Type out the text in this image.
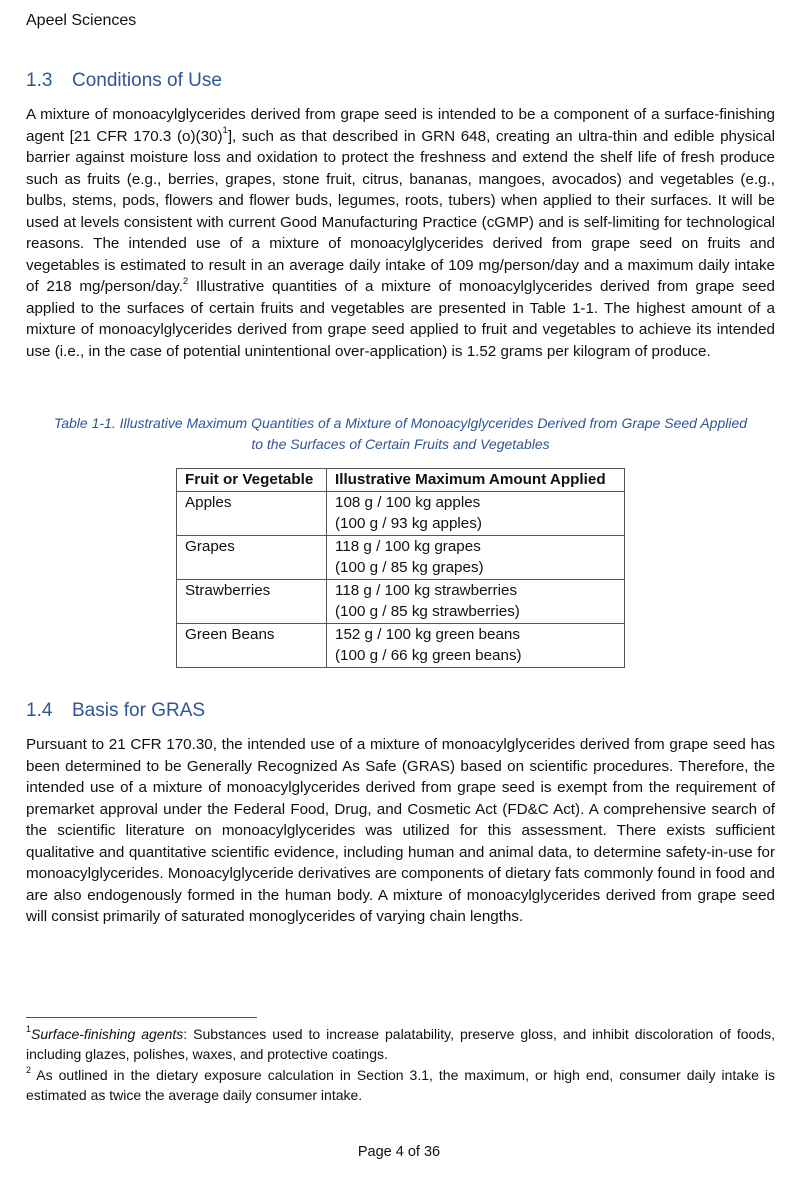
Apeel Sciences
1.3 Conditions of Use
A mixture of monoacylglycerides derived from grape seed is intended to be a component of a surface-finishing agent [21 CFR 170.3 $(o)(30)^1$], such as that described in GRN 648, creating an ultra-thin and edible physical barrier against moisture loss and oxidation to protect the freshness and extend the shelf life of fresh produce such as fruits (e.g., berries, grapes, stone fruit, citrus, bananas, mangoes, avocados) and vegetables (e.g., bulbs, stems, pods, flowers and flower buds, legumes, roots, tubers) when applied to their surfaces. It will be used at levels consistent with current Good Manufacturing Practice (cGMP) and is self-limiting for technological reasons. The intended use of a mixture of monoacylglycerides derived from grape seed on fruits and vegetables is estimated to result in an average daily intake of 109 mg/person/day and a maximum daily intake of 218 mg/person/day.$^2$ Illustrative quantities of a mixture of monoacylglycerides derived from grape seed applied to the surfaces of certain fruits and vegetables are presented in Table 1-1. The highest amount of a mixture of monoacylglycerides derived from grape seed applied to fruit and vegetables to achieve its intended use (i.e., in the case of potential unintentional over-application) is 1.52 grams per kilogram of produce.
Table 1-1. Illustrative Maximum Quantities of a Mixture of Monoacylglycerides Derived from Grape Seed Applied
to the Surfaces of Certain Fruits and Vegetables
Fruit or Vegetable	Illustrative Maximum Amount Applied
Apples	108 g / 100 kg apples
(100 g / 93 kg apples)

Grapes	118 g / 100 kg grapes
(100 g / 85 kg grapes)

Strawberries	118 g / 100 kg strawberries
(100 g / 85 kg strawberries)

Green Beans	152 g / 100 kg green beans
(100 g / 66 kg green beans)
1.4 Basis for GRAS
Pursuant to 21 CFR 170.30, the intended use of a mixture of monoacylglycerides derived from grape seed has been determined to be Generally Recognized As Safe (GRAS) based on scientific procedures. Therefore, the intended use of a mixture of monoacylglycerides derived from grape seed is exempt from the requirement of premarket approval under the Federal Food, Drug, and Cosmetic Act (FD&C Act). A comprehensive search of the scientific literature on monoacylglycerides was utilized for this assessment. There exists sufficient qualitative and quantitative scientific evidence, including human and animal data, to determine safety-in-use for monoacylglycerides. Monoacylglyceride derivatives are components of dietary fats commonly found in food and are also endogenously formed in the human body. A mixture of monoacylglycerides derived from grape seed will consist primarily of saturated monoglycerides of varying chain lengths.
$^1$Surface-finishing agents: Substances used to increase palatability, preserve gloss, and inhibit discoloration of foods, including glazes, polishes, waxes, and protective coatings.
$^2$ As outlined in the dietary exposure calculation in Section 3.1, the maximum, or high end, consumer daily intake is estimated as twice the average daily consumer intake.
Page 4 of 36
